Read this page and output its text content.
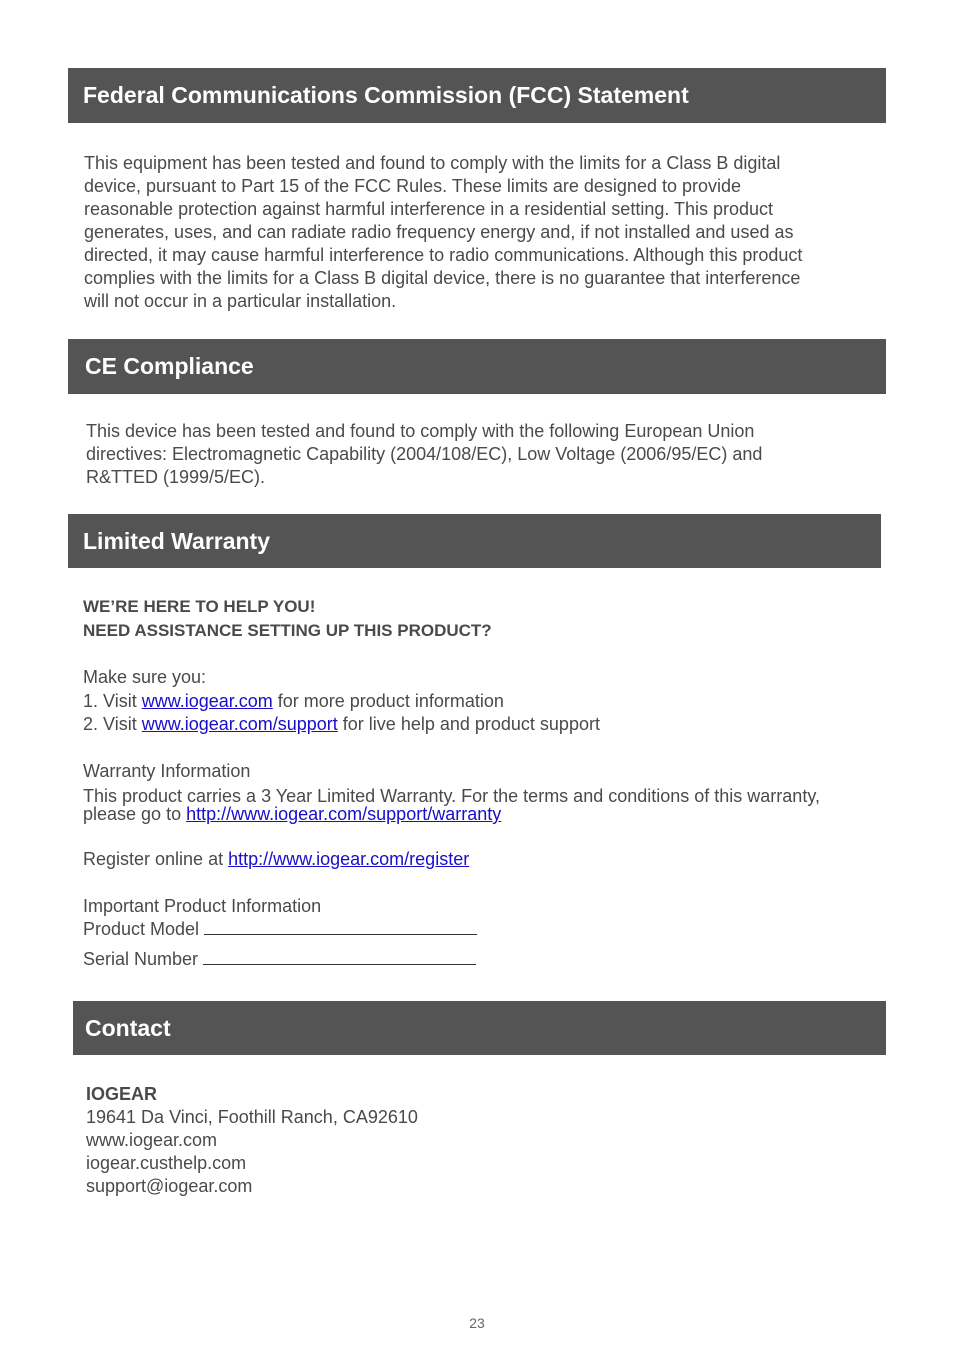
Federal Communications Commission (FCC) Statement
This equipment has been tested and found to comply with the limits for a Class B digital
device, pursuant to Part 15 of the FCC Rules. These limits are designed to provide
reasonable protection against harmful interference in a residential setting. This product
generates, uses, and can radiate radio frequency energy and, if not installed and used as
directed, it may cause harmful interference to radio communications. Although this product
complies with the limits for a Class B digital device, there is no guarantee that interference
will not occur in a particular installation.
CE Compliance
This device has been tested and found to comply with the following European Union
directives: Electromagnetic Capability (2004/108/EC), Low Voltage (2006/95/EC) and
R&TTED (1999/5/EC).
Limited Warranty
WE’RE HERE TO HELP YOU!
NEED ASSISTANCE SETTING UP THIS PRODUCT?
Make sure you:
1. Visit www.iogear.com for more product information
2. Visit www.iogear.com/support for live help and product support
Warranty Information
This product carries a 3 Year Limited Warranty. For the terms and conditions of this warranty,
please go to http://www.iogear.com/support/warranty
Register online at http://www.iogear.com/register
Important Product Information
Product Model
Serial Number
Contact
IOGEAR
19641 Da Vinci, Foothill Ranch, CA92610
www.iogear.com
iogear.custhelp.com
support@iogear.com
23
